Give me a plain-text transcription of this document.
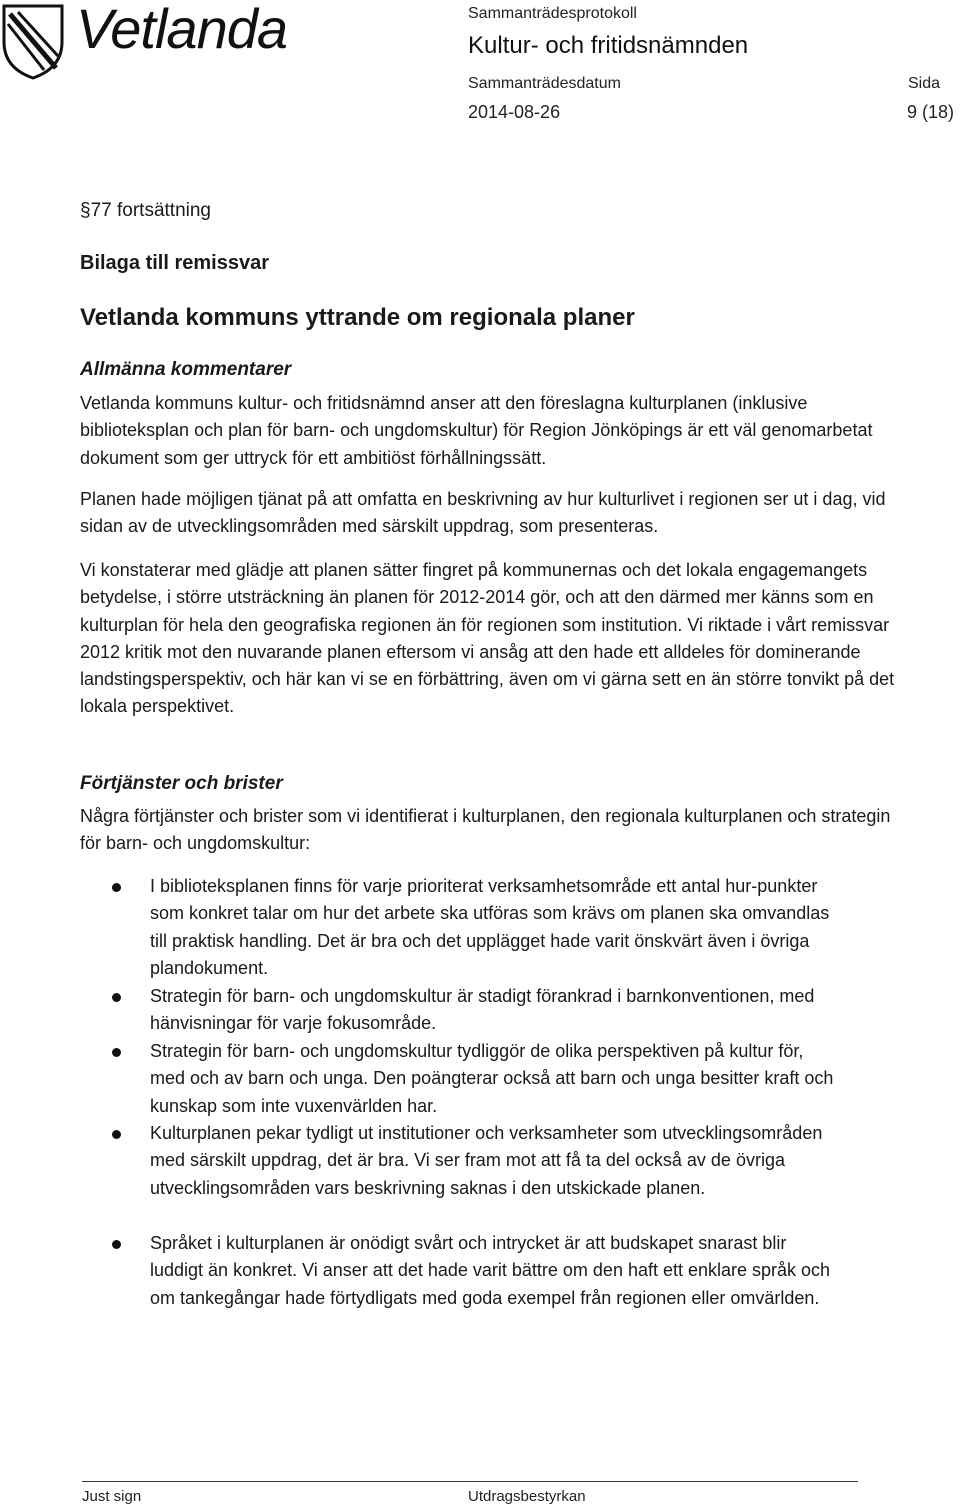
Vetlanda	Sammanträdesprotokoll
Kultur- och fritidsnämnden
Sammanträdesdatum	Sida
2014-08-26	9 (18)
§77 fortsättning
Bilaga till remissvar
Vetlanda kommuns yttrande om regionala planer
Allmänna kommentarer
Vetlanda kommuns kultur- och fritidsnämnd anser att den föreslagna kulturplanen (inklusive biblioteksplan och plan för barn- och ungdomskultur) för Region Jönköpings är ett väl genomarbetat dokument som ger uttryck för ett ambitiöst förhållningssätt.
Planen hade möjligen tjänat på att omfatta en beskrivning av hur kulturlivet i regionen ser ut i dag, vid sidan av de utvecklingsområden med särskilt uppdrag, som presenteras.
Vi konstaterar med glädje att planen sätter fingret på kommunernas och det lokala engagemangets betydelse, i större utsträckning än planen för 2012-2014 gör, och att den därmed mer känns som en kulturplan för hela den geografiska regionen än för regionen som institution. Vi riktade i vårt remissvar 2012 kritik mot den nuvarande planen eftersom vi ansåg att den hade ett alldeles för dominerande landstingsperspektiv, och här kan vi se en förbättring, även om vi gärna sett en än större tonvikt på det lokala perspektivet.
Förtjänster och brister
Några förtjänster och brister som vi identifierat i kulturplanen, den regionala kulturplanen och strategin för barn- och ungdomskultur:
I biblioteksplanen finns för varje prioriterat verksamhetsområde ett antal hur-punkter som konkret talar om hur det arbete ska utföras som krävs om planen ska omvandlas till praktisk handling. Det är bra och det upplägget hade varit önskvärt även i övriga plandokument.
Strategin för barn- och ungdomskultur är stadigt förankrad i barnkonventionen, med hänvisningar för varje fokusområde.
Strategin för barn- och ungdomskultur tydliggör de olika perspektiven på kultur för, med och av barn och unga. Den poängterar också att barn och unga besitter kraft och kunskap som inte vuxenvärlden har.
Kulturplanen pekar tydligt ut institutioner och verksamheter som utvecklingsområden med särskilt uppdrag, det är bra. Vi ser fram mot att få ta del också av de övriga utvecklingsområden vars beskrivning saknas i den utskickade planen.
Språket i kulturplanen är onödigt svårt och intrycket är att budskapet snarast blir luddigt än konkret. Vi anser att det hade varit bättre om den haft ett enklare språk och om tankegångar hade förtydligats med goda exempel från regionen eller omvärlden.
Just sign	Utdragsbestyrkan
